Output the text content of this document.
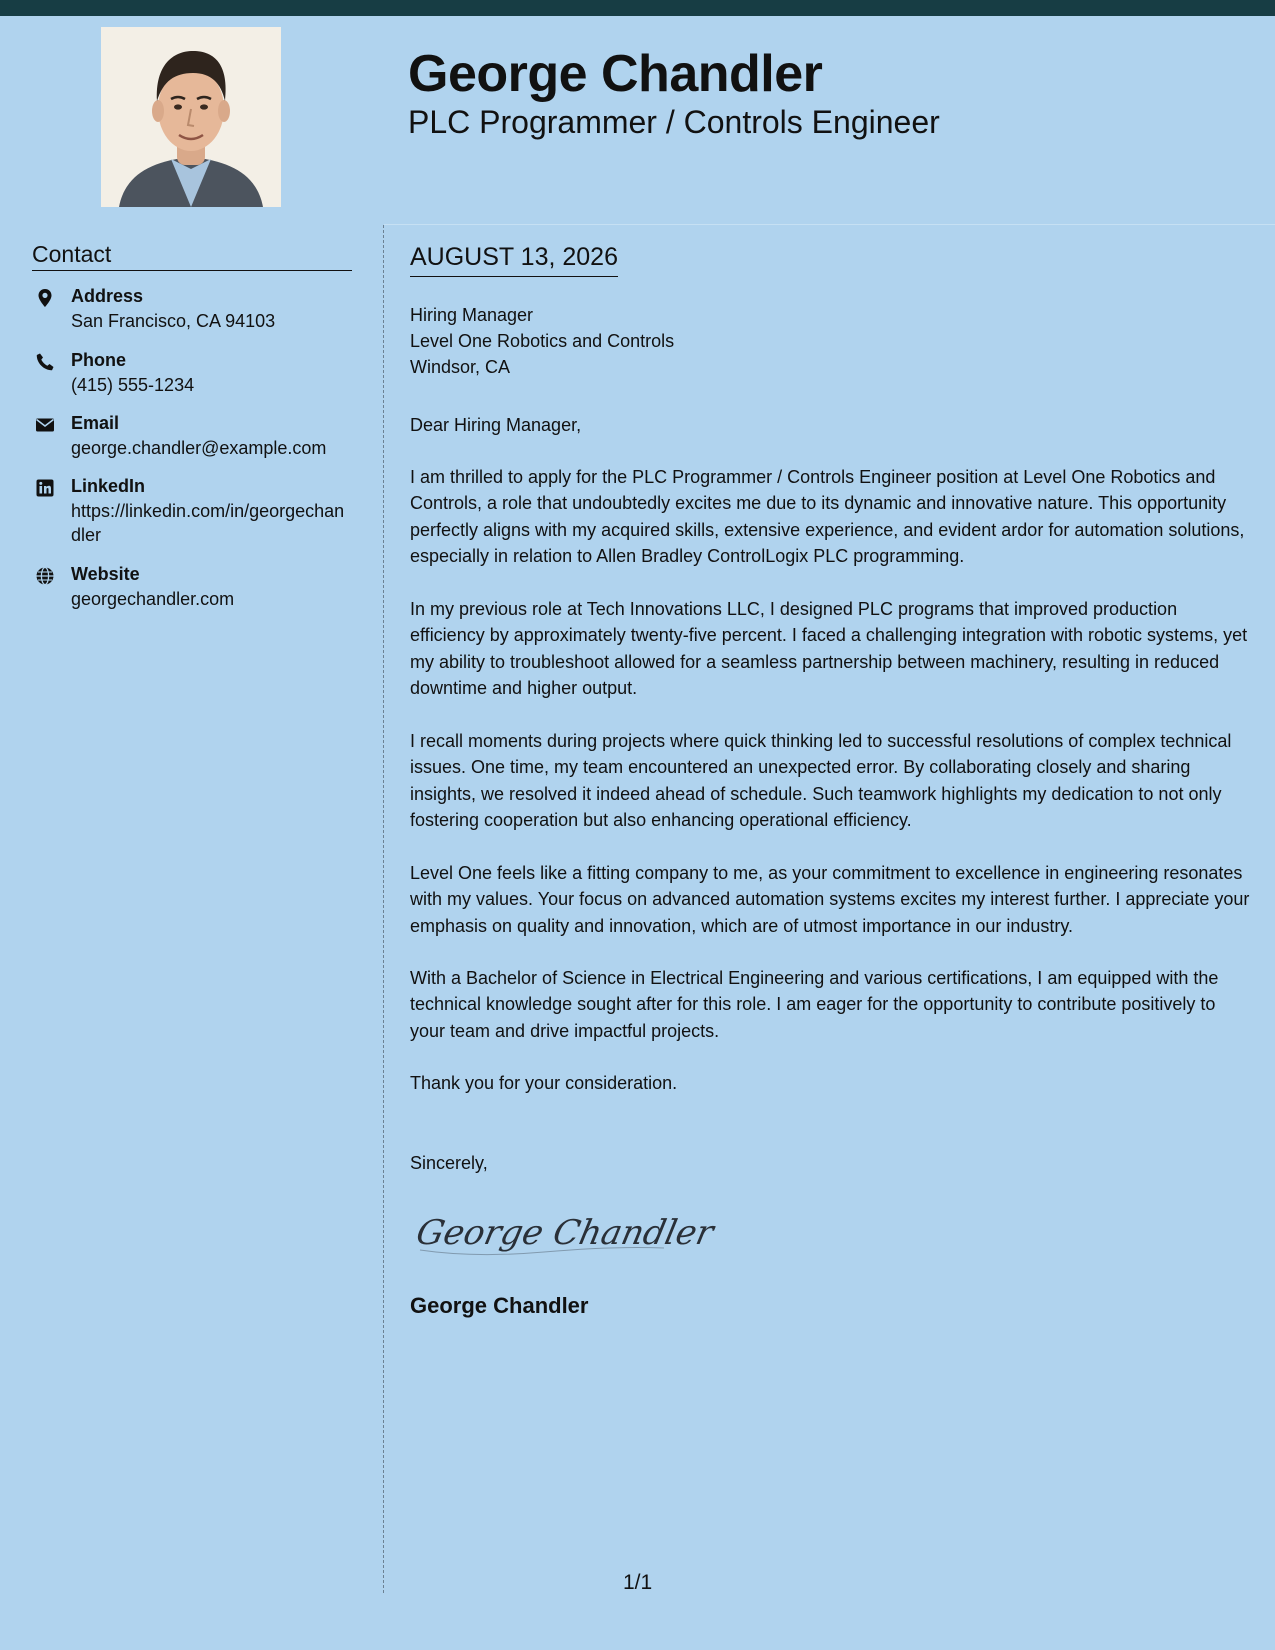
George Chandler
PLC Programmer / Controls Engineer
Contact
Address
San Francisco, CA 94103
Phone
(415) 555-1234
Email
george.chandler@example.com
LinkedIn
https://linkedin.com/in/georgechandler
Website
georgechandler.com
AUGUST 13, 2026
Hiring Manager
Level One Robotics and Controls
Windsor, CA
Dear Hiring Manager,

I am thrilled to apply for the PLC Programmer / Controls Engineer position at Level One Robotics and Controls, a role that undoubtedly excites me due to its dynamic and innovative nature. This opportunity perfectly aligns with my acquired skills, extensive experience, and evident ardor for automation solutions, especially in relation to Allen Bradley ControlLogix PLC programming.

In my previous role at Tech Innovations LLC, I designed PLC programs that improved production efficiency by approximately twenty-five percent. I faced a challenging integration with robotic systems, yet my ability to troubleshoot allowed for a seamless partnership between machinery, resulting in reduced downtime and higher output.

I recall moments during projects where quick thinking led to successful resolutions of complex technical issues. One time, my team encountered an unexpected error. By collaborating closely and sharing insights, we resolved it indeed ahead of schedule. Such teamwork highlights my dedication to not only fostering cooperation but also enhancing operational efficiency.

Level One feels like a fitting company to me, as your commitment to excellence in engineering resonates with my values. Your focus on advanced automation systems excites my interest further. I appreciate your emphasis on quality and innovation, which are of utmost importance in our industry.

With a Bachelor of Science in Electrical Engineering and various certifications, I am equipped with the technical knowledge sought after for this role. I am eager for the opportunity to contribute positively to your team and drive impactful projects.

Thank you for your consideration.

Sincerely,
George Chandler
George Chandler
1/1
